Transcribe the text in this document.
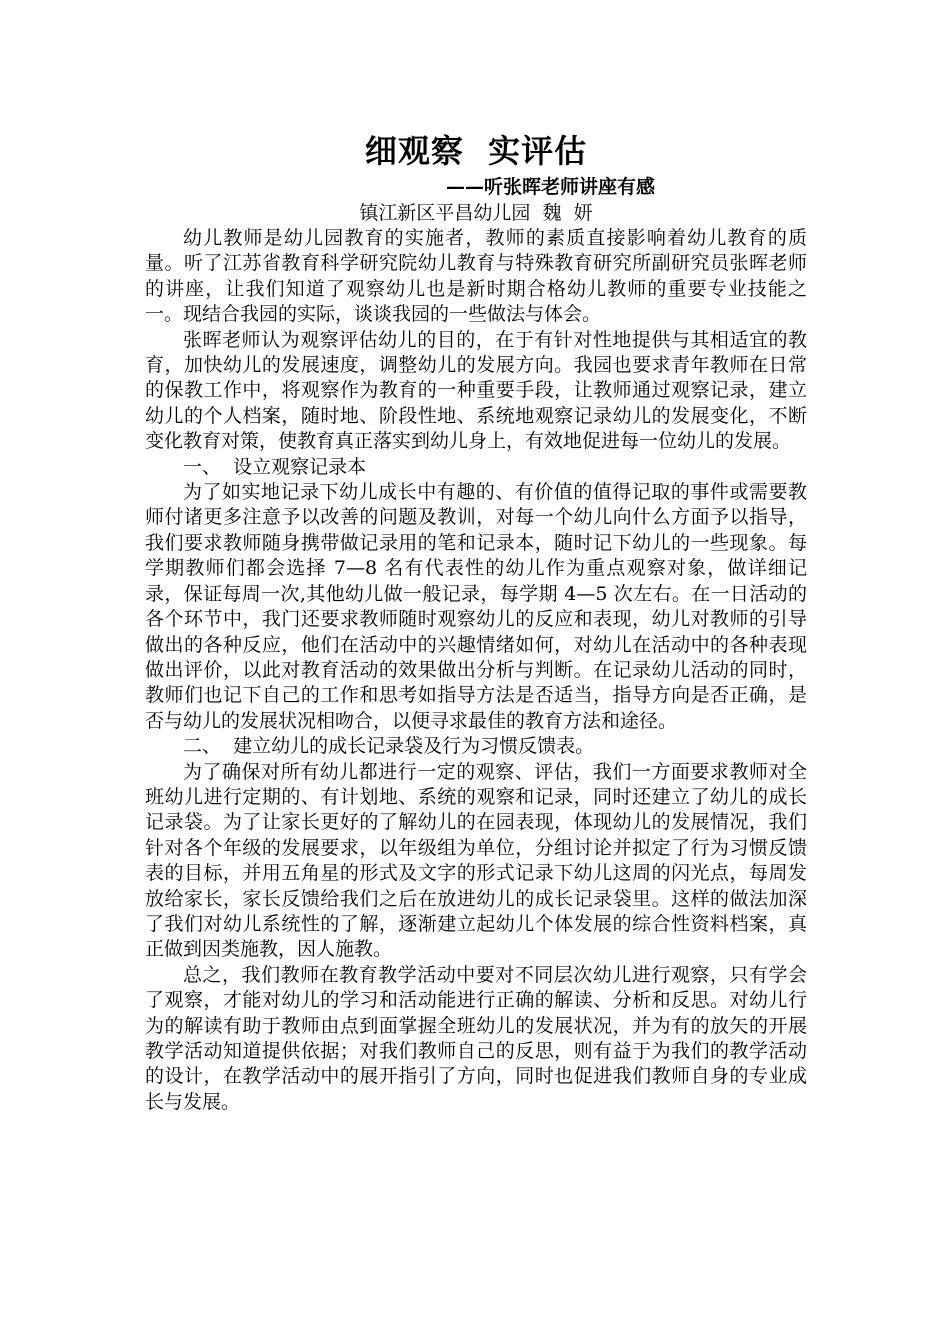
细观察  实评估
——听张晖老师讲座有感
镇江新区平昌幼儿园  魏  妍

幼儿教师是幼儿园教育的实施者，教师的素质直接影响着幼儿教育的质量。听了江苏省教育科学研究院幼儿教育与特殊教育研究所副研究员张晖老师的讲座，让我们知道了观察幼儿也是新时期合格幼儿教师的重要专业技能之一。现结合我园的实际，谈谈我园的一些做法与体会。

张晖老师认为观察评估幼儿的目的，在于有针对性地提供与其相适宜的教育，加快幼儿的发展速度，调整幼儿的发展方向。我园也要求青年教师在日常的保教工作中，将观察作为教育的一种重要手段，让教师通过观察记录，建立幼儿的个人档案，随时地、阶段性地、系统地观察记录幼儿的发展变化，不断变化教育对策，使教育真正落实到幼儿身上，有效地促进每一位幼儿的发展。

一、  设立观察记录本

为了如实地记录下幼儿成长中有趣的、有价值的值得记取的事件或需要教师付诸更多注意予以改善的问题及教训，对每一个幼儿向什么方面予以指导，我们要求教师随身携带做记录用的笔和记录本，随时记下幼儿的一些现象。每学期教师们都会选择 7—8 名有代表性的幼儿作为重点观察对象，做详细记录，保证每周一次,其他幼儿做一般记录，每学期 4—5 次左右。在一日活动的各个环节中，我门还要求教师随时观察幼儿的反应和表现，幼儿对教师的引导做出的各种反应，他们在活动中的兴趣情绪如何，对幼儿在活动中的各种表现做出评价，以此对教育活动的效果做出分析与判断。在记录幼儿活动的同时，教师们也记下自己的工作和思考如指导方法是否适当，指导方向是否正确，是否与幼儿的发展状况相吻合，以便寻求最佳的教育方法和途径。

二、  建立幼儿的成长记录袋及行为习惯反馈表。

为了确保对所有幼儿都进行一定的观察、评估，我们一方面要求教师对全班幼儿进行定期的、有计划地、系统的观察和记录，同时还建立了幼儿的成长记录袋。为了让家长更好的了解幼儿的在园表现，体现幼儿的发展情况，我们针对各个年级的发展要求，以年级组为单位，分组讨论并拟定了行为习惯反馈表的目标，并用五角星的形式及文字的形式记录下幼儿这周的闪光点，每周发放给家长，家长反馈给我们之后在放进幼儿的成长记录袋里。这样的做法加深了我们对幼儿系统性的了解，逐渐建立起幼儿个体发展的综合性资料档案，真正做到因类施教，因人施教。

总之，我们教师在教育教学活动中要对不同层次幼儿进行观察，只有学会了观察，才能对幼儿的学习和活动能进行正确的解读、分析和反思。对幼儿行为的解读有助于教师由点到面掌握全班幼儿的发展状况，并为有的放矢的开展教学活动知道提供依据；对我们教师自己的反思，则有益于为我们的教学活动的设计，在教学活动中的展开指引了方向，同时也促进我们教师自身的专业成长与发展。
